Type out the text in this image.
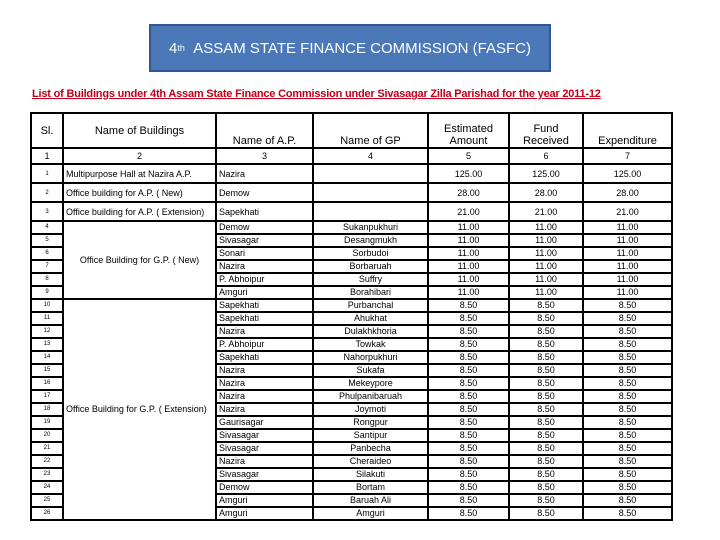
4 th
ASSAM STATE FINANCE COMMISSION (FASFC)
List of Buildings under 4th Assam State Finance Commission under Sivasagar Zilla Parishad for the year 2011-12
Sl.	Name of Buildings	Name of A.P.	Name of GP	Estimated Amount	Fund Received	Expenditure
1	2	3	4	5	6	7
1	Multipurpose Hall at Nazira A.P.	Nazira		125.00	125.00	125.00
2	Office building for A.P. ( New)	Demow		28.00	28.00	28.00
3	Office building for A.P. ( Extension)	Sapekhati		21.00	21.00	21.00
4	Office Building for G.P. ( New)	Demow	Sukanpukhuri	11.00	11.00	11.00
5		Sivasagar	Desangmukh	11.00	11.00	11.00
6		Sonari	Sorbudoi	11.00	11.00	11.00
7		Nazira	Borbaruah	11.00	11.00	11.00
8		P. Abhoipur	Suffry	11.00	11.00	11.00
9		Amguri	Borahibari	11.00	11.00	11.00
10	Office Building for G.P. ( Extension)	Sapekhati	Purbanchal	8.50	8.50	8.50
11		Sapekhati	Ahukhat	8.50	8.50	8.50
12		Nazira	Dulakhkhoria	8.50	8.50	8.50
13		P. Abhoipur	Towkak	8.50	8.50	8.50
14		Sapekhati	Nahorpukhuri	8.50	8.50	8.50
15		Nazira	Sukafa	8.50	8.50	8.50
16		Nazira	Mekeypore	8.50	8.50	8.50
17		Nazira	Phulpanibaruah	8.50	8.50	8.50
18		Nazira	Joymoti	8.50	8.50	8.50
19		Gaurisagar	Rongpur	8.50	8.50	8.50
20		Sivasagar	Santipur	8.50	8.50	8.50
21		Sivasagar	Panbecha	8.50	8.50	8.50
22		Nazira	Cheraideo	8.50	8.50	8.50
23		Sivasagar	Silakuti	8.50	8.50	8.50
24		Demow	Bortam	8.50	8.50	8.50
25		Amguri	Baruah Ali	8.50	8.50	8.50
26		Amguri	Amguri	8.50	8.50	8.50
